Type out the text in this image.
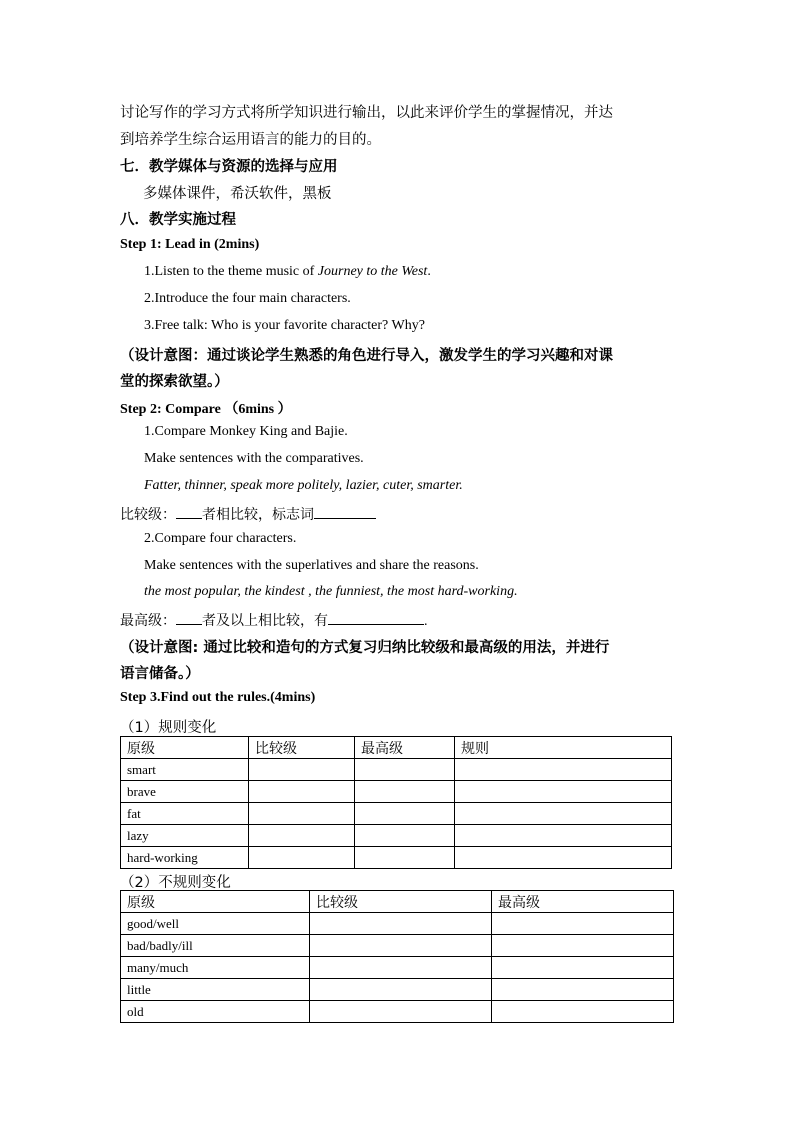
讨论写作的学习方式将所学知识进行输出，以此来评价学生的掌握情况，并达
到培养学生综合运用语言的能力的目的。
七．教学媒体与资源的选择与应用
多媒体课件，希沃软件，黑板
八．教学实施过程
Step 1: Lead in (2mins)
1.Listen to the theme music of Journey to the West.
2.Introduce the four main characters.
3.Free talk: Who is your favorite character? Why?
（设计意图：通过谈论学生熟悉的角色进行导入，激发学生的学习兴趣和对课
堂的探索欲望。）
Step 2: Compare （6mins ）
1.Compare Monkey King and Bajie.
Make sentences with the comparatives.
Fatter, thinner, speak more politely, lazier, cuter, smarter.
比较级： 者相比较，标志词
2.Compare four characters.
Make sentences with the superlatives and share the reasons.
the most popular, the kindest , the funniest, the most hard-working.
最高级： 者及以上相比较，有	.
（设计意图: 通过比较和造句的方式复习归纳比较级和最高级的用法，并进行
语言储备。）
Step 3.Find out the rules.(4mins)
（1）规则变化
原级	比较级	最高级	规则
smart			
brave			
fat			
lazy			
hard-working			
（2）不规则变化
原级	比较级	最高级
good/well		
bad/badly/ill		
many/much		
little		
old		
